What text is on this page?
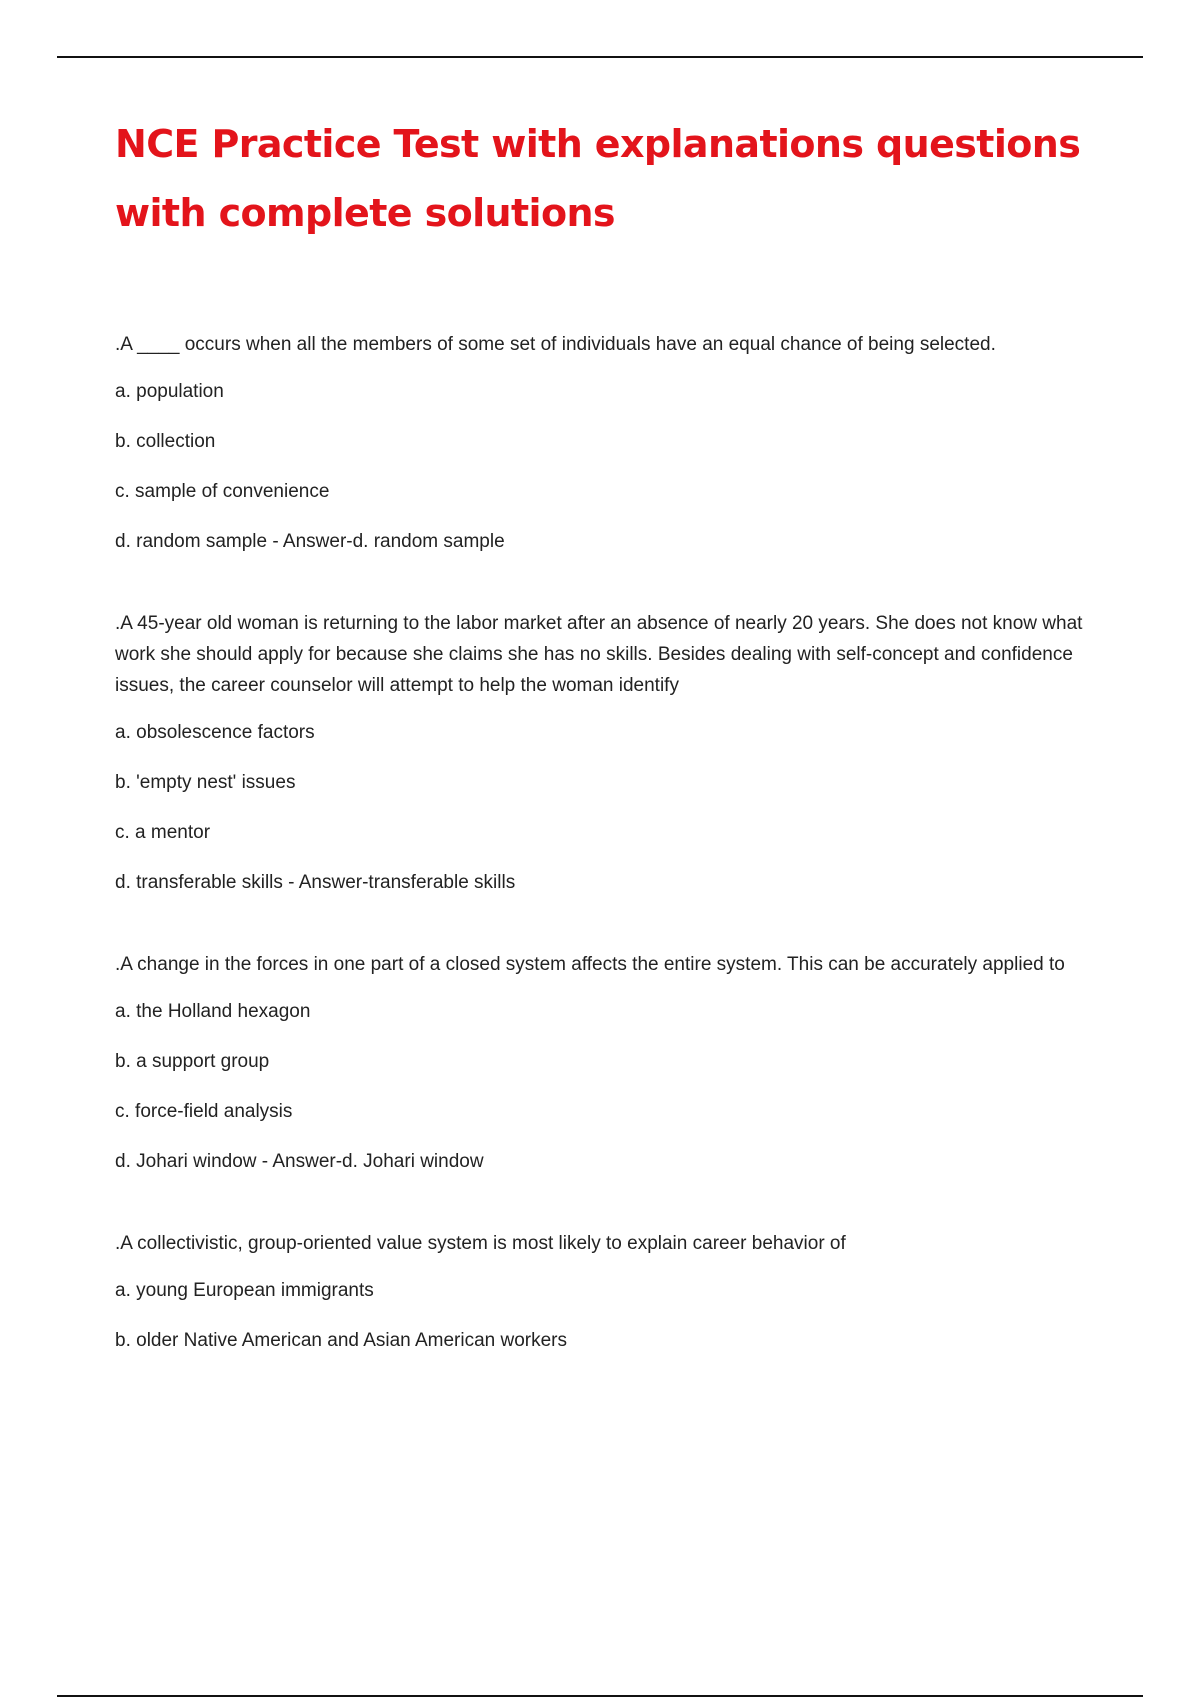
NCE Practice Test with explanations questions with complete solutions

.A ____ occurs when all the members of some set of individuals have an equal chance of being selected.

a. population

b. collection

c. sample of convenience

d. random sample - Answer-d. random sample

.A 45-year old woman is returning to the labor market after an absence of nearly 20 years. She does not know what work she should apply for because she claims she has no skills. Besides dealing with self-concept and confidence issues, the career counselor will attempt to help the woman identify

a. obsolescence factors

b. 'empty nest' issues

c. a mentor

d. transferable skills - Answer-transferable skills

.A change in the forces in one part of a closed system affects the entire system. This can be accurately applied to

a. the Holland hexagon

b. a support group

c. force-field analysis

d. Johari window - Answer-d. Johari window

.A collectivistic, group-oriented value system is most likely to explain career behavior of

a. young European immigrants

b. older Native American and Asian American workers
